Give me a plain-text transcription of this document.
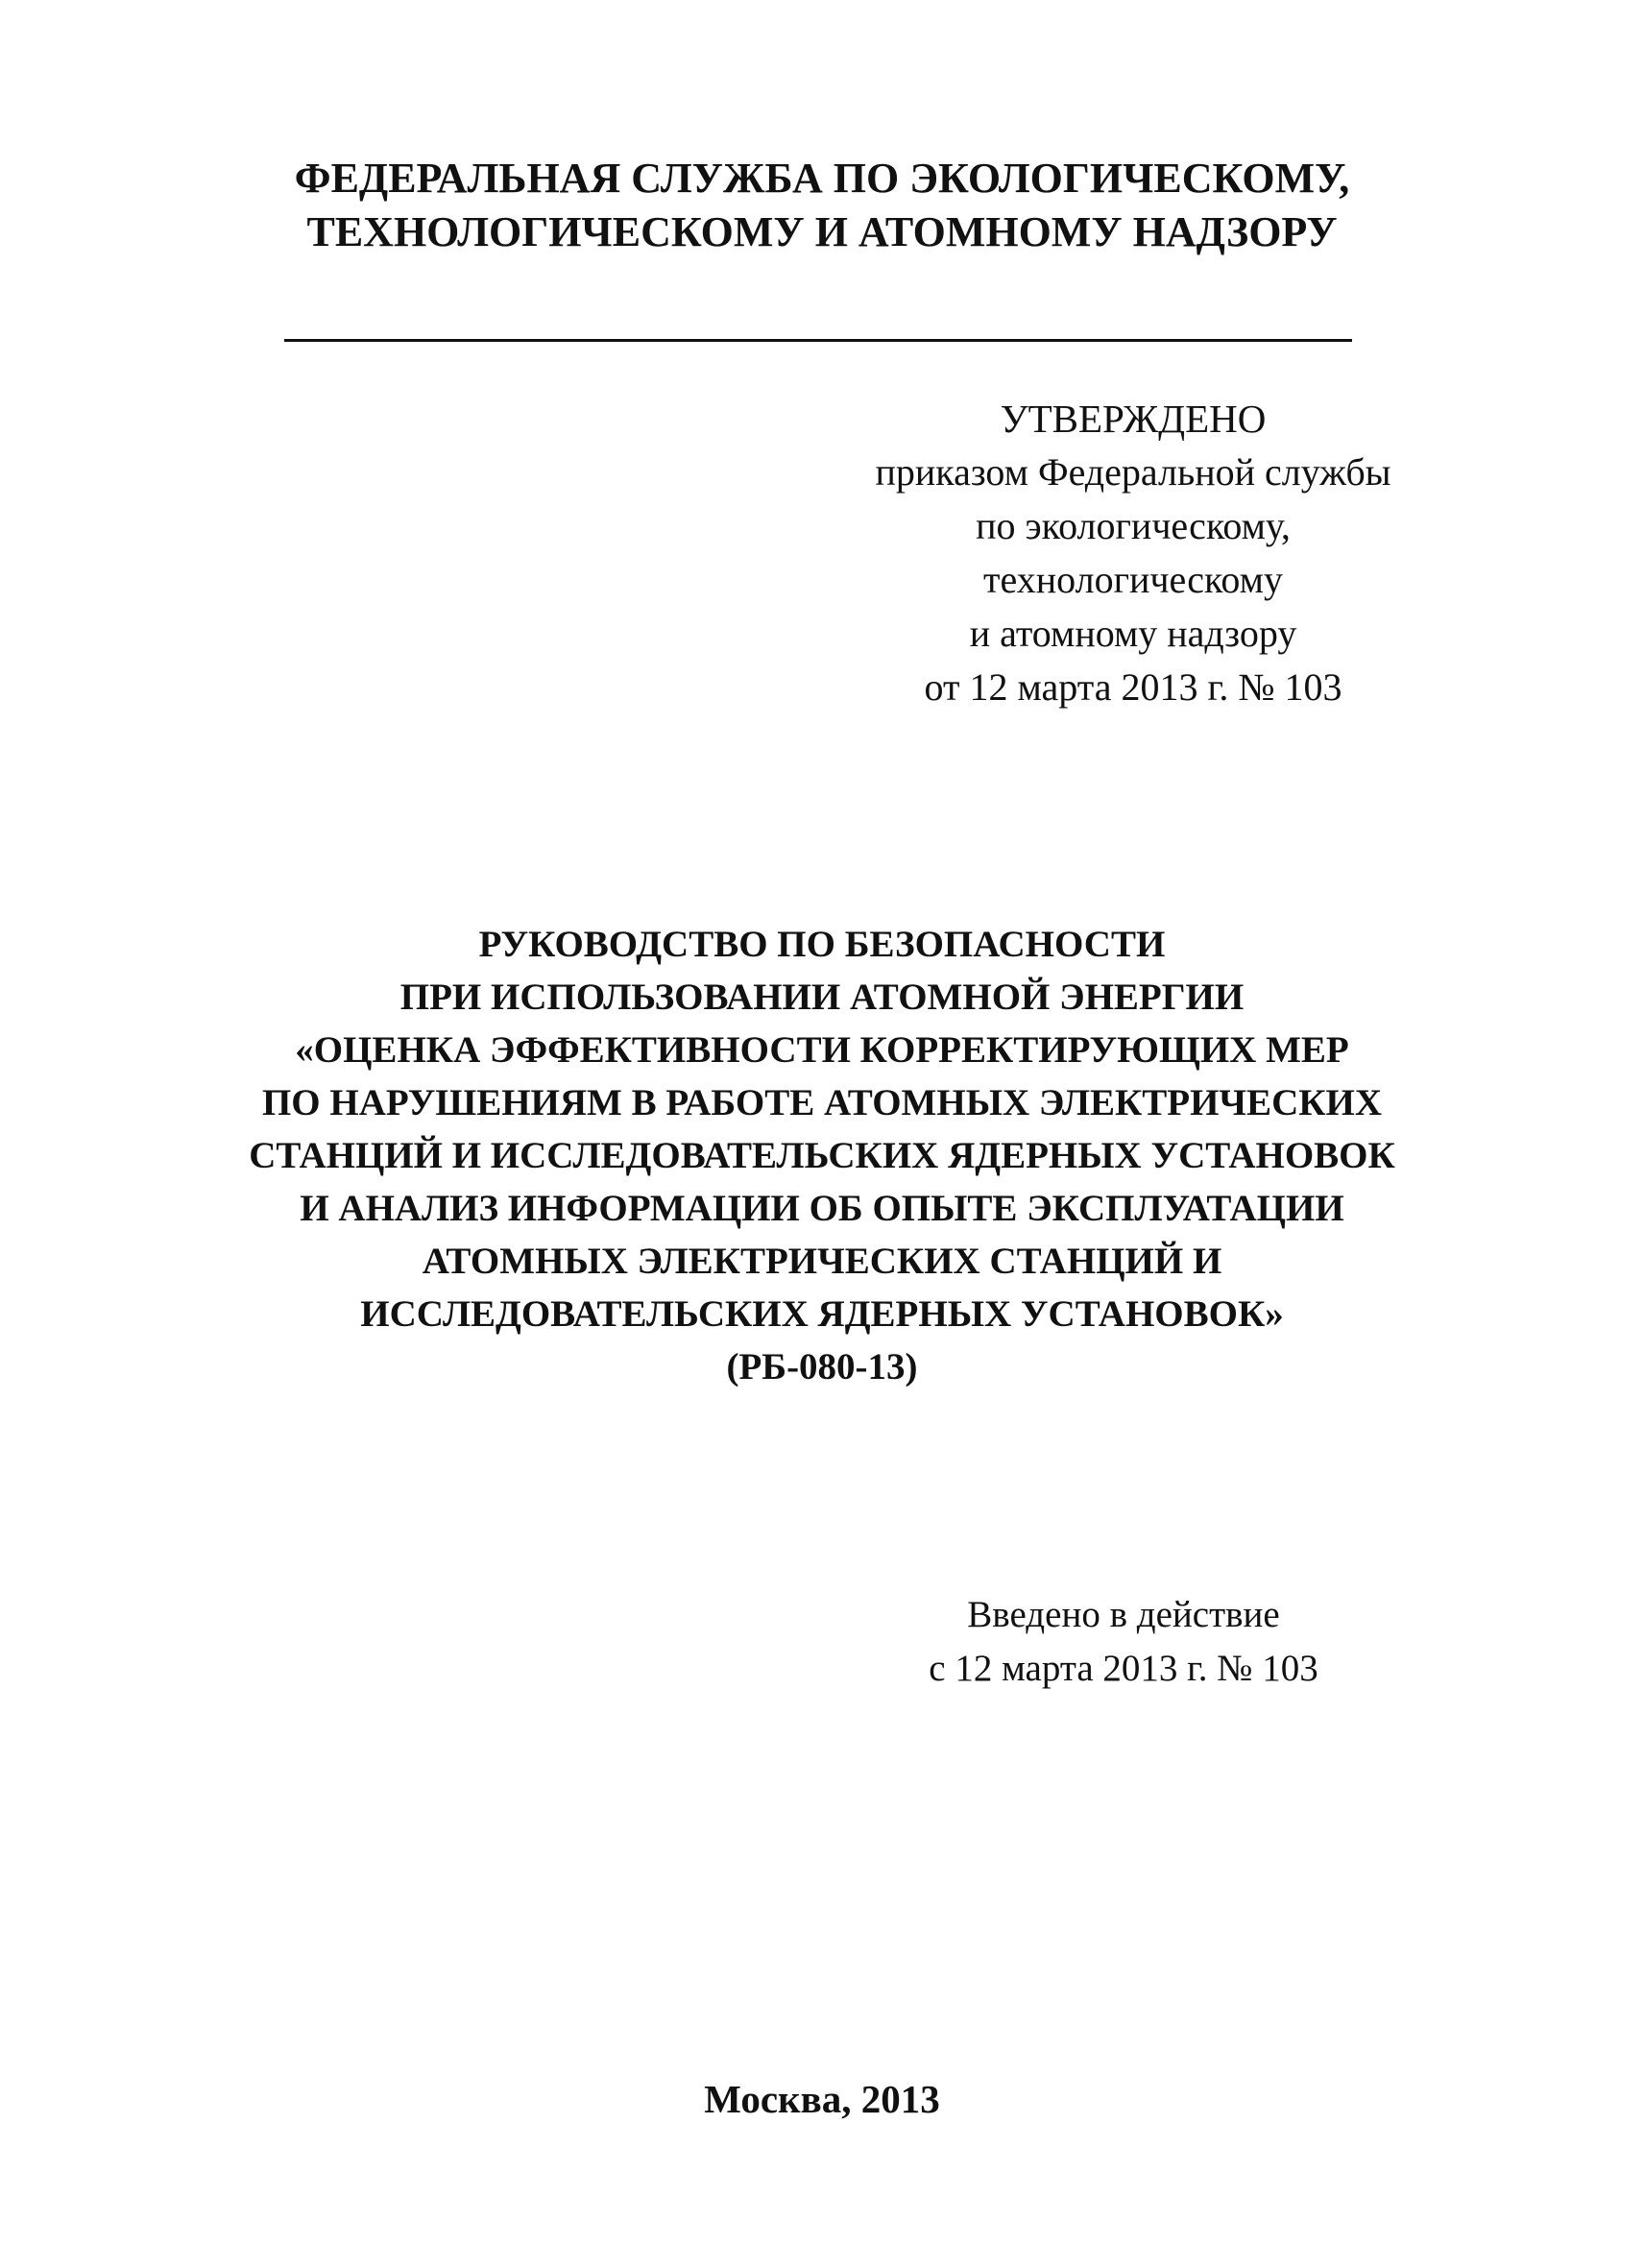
ФЕДЕРАЛЬНАЯ СЛУЖБА ПО ЭКОЛОГИЧЕСКОМУ,
ТЕХНОЛОГИЧЕСКОМУ И АТОМНОМУ НАДЗОРУ
УТВЕРЖДЕНО
приказом Федеральной службы
по экологическому,
технологическому
и атомному надзору
от 12 марта 2013 г. № 103
РУКОВОДСТВО ПО БЕЗОПАСНОСТИ
ПРИ ИСПОЛЬЗОВАНИИ АТОМНОЙ ЭНЕРГИИ
«ОЦЕНКА ЭФФЕКТИВНОСТИ КОРРЕКТИРУЮЩИХ МЕР
ПО НАРУШЕНИЯМ В РАБОТЕ АТОМНЫХ ЭЛЕКТРИЧЕСКИХ
СТАНЦИЙ И ИССЛЕДОВАТЕЛЬСКИХ ЯДЕРНЫХ УСТАНОВОК
И АНАЛИЗ ИНФОРМАЦИИ ОБ ОПЫТЕ ЭКСПЛУАТАЦИИ
АТОМНЫХ ЭЛЕКТРИЧЕСКИХ СТАНЦИЙ И
ИССЛЕДОВАТЕЛЬСКИХ ЯДЕРНЫХ УСТАНОВОК»
(РБ-080-13)
Введено в действие
с 12 марта 2013 г. № 103
Москва, 2013
